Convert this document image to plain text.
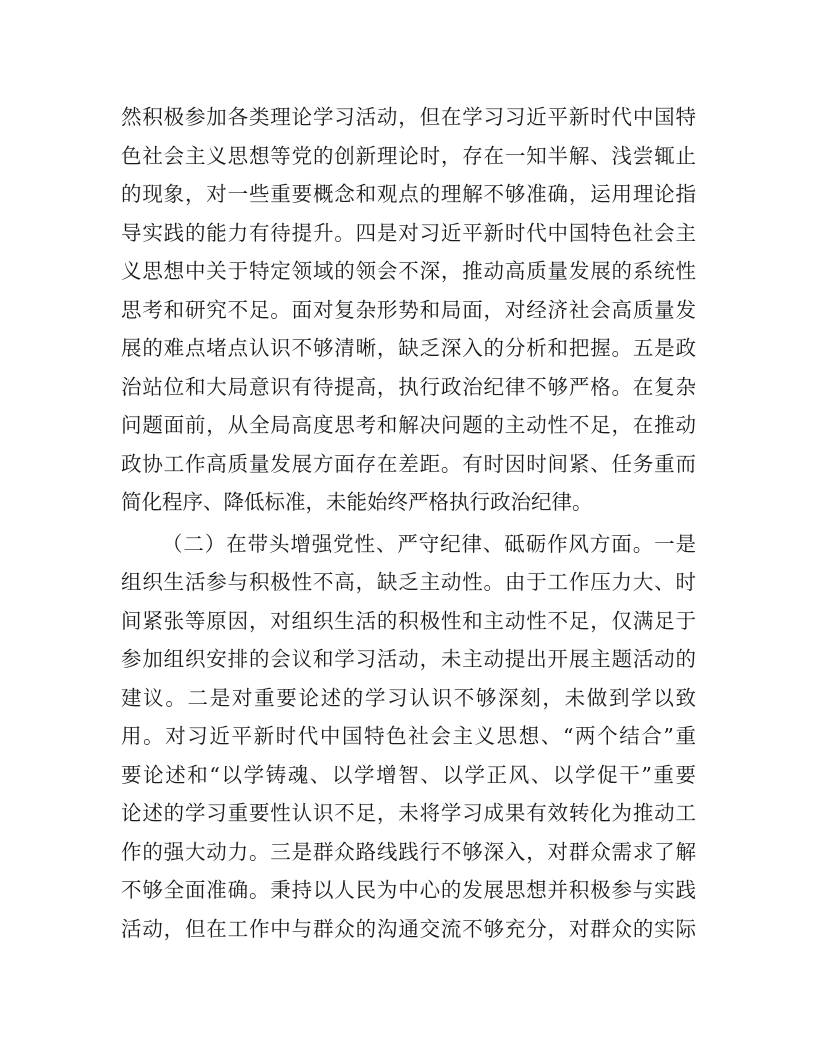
然积极参加各类理论学习活动，但在学习习近平新时代中国特
色社会主义思想等党的创新理论时，存在一知半解、浅尝辄止
的现象，对一些重要概念和观点的理解不够准确，运用理论指
导实践的能力有待提升。四是对习近平新时代中国特色社会主
义思想中关于特定领域的领会不深，推动高质量发展的系统性
思考和研究不足。面对复杂形势和局面，对经济社会高质量发
展的难点堵点认识不够清晰，缺乏深入的分析和把握。五是政
治站位和大局意识有待提高，执行政治纪律不够严格。在复杂
问题面前，从全局高度思考和解决问题的主动性不足，在推动
政协工作高质量发展方面存在差距。有时因时间紧、任务重而
简化程序、降低标准，未能始终严格执行政治纪律。
（二）在带头增强党性、严守纪律、砥砺作风方面。一是
组织生活参与积极性不高，缺乏主动性。由于工作压力大、时
间紧张等原因，对组织生活的积极性和主动性不足，仅满足于
参加组织安排的会议和学习活动，未主动提出开展主题活动的
建议。二是对重要论述的学习认识不够深刻，未做到学以致
用。对习近平新时代中国特色社会主义思想、“两个结合”重
要论述和“以学铸魂、以学增智、以学正风、以学促干”重要
论述的学习重要性认识不足，未将学习成果有效转化为推动工
作的强大动力。三是群众路线践行不够深入，对群众需求了解
不够全面准确。秉持以人民为中心的发展思想并积极参与实践
活动，但在工作中与群众的沟通交流不够充分，对群众的实际
